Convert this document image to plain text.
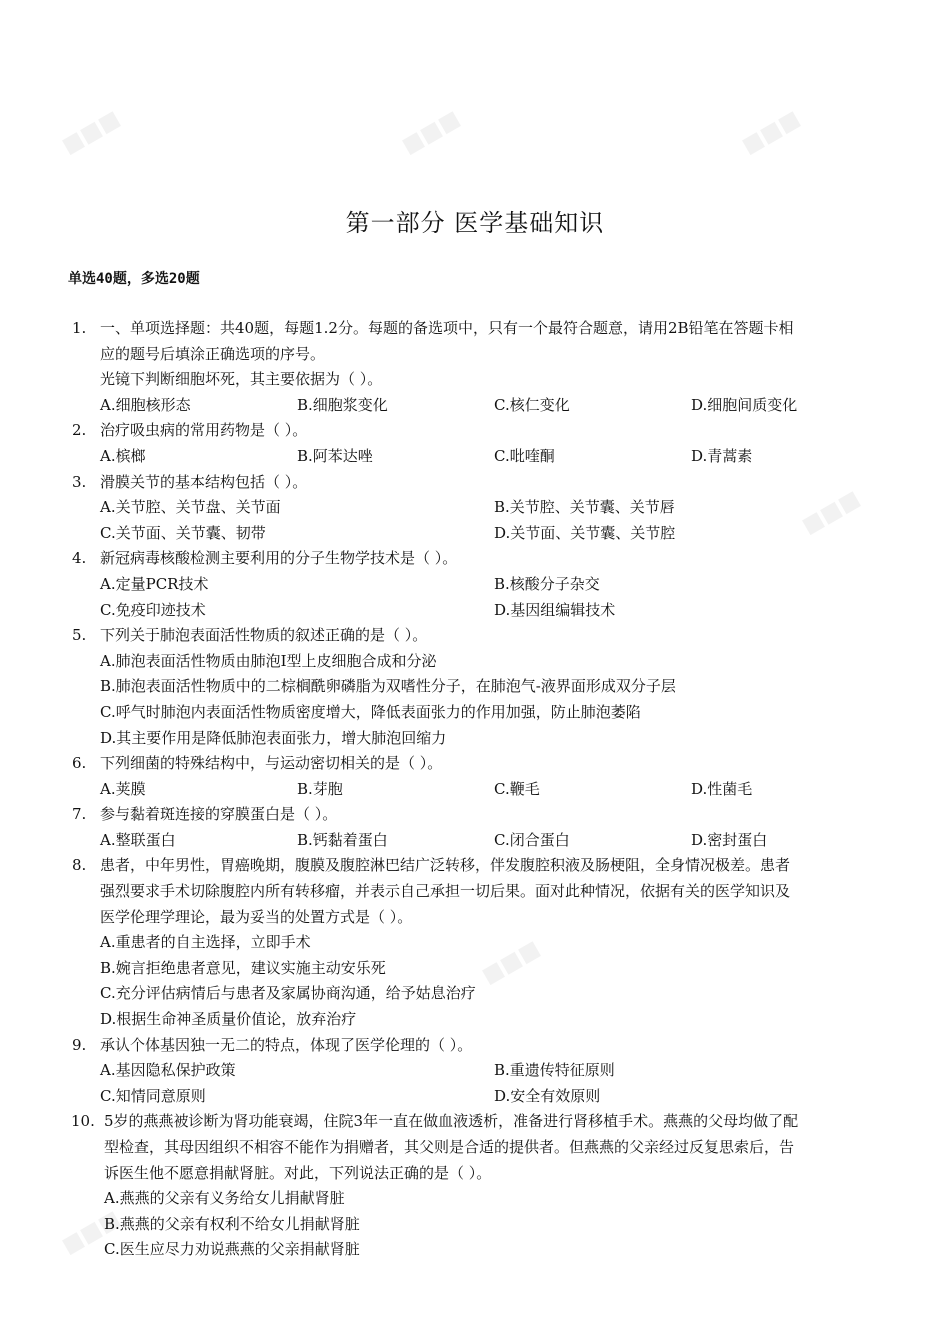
■■■	■■■	■■■
■■■
■■■
■■■
第一部分 医学基础知识
单选40题，多选20题
1. 一、单项选择题：共40题，每题1.2分。每题的备选项中，只有一个最符合题意，请用2B铅笔在答题卡相
应的题号后填涂正确选项的序号。
光镜下判断细胞坏死，其主要依据为（ ）。
A.细胞核形态	B.细胞浆变化	C.核仁变化	D.细胞间质变化
2. 治疗吸虫病的常用药物是（ ）。
A.槟榔	B.阿苯达唑	C.吡喹酮	D.青蒿素
3. 滑膜关节的基本结构包括（ ）。
A.关节腔、关节盘、关节面	B.关节腔、关节囊、关节唇
C.关节面、关节囊、韧带	D.关节面、关节囊、关节腔
4. 新冠病毒核酸检测主要利用的分子生物学技术是（ ）。
A.定量PCR技术	B.核酸分子杂交
C.免疫印迹技术	D.基因组编辑技术
5. 下列关于肺泡表面活性物质的叙述正确的是（ ）。
A.肺泡表面活性物质由肺泡Ⅰ型上皮细胞合成和分泌
B.肺泡表面活性物质中的二棕榈酰卵磷脂为双嗜性分子，在肺泡气-液界面形成双分子层
C.呼气时肺泡内表面活性物质密度增大，降低表面张力的作用加强，防止肺泡萎陷
D.其主要作用是降低肺泡表面张力，增大肺泡回缩力
6. 下列细菌的特殊结构中，与运动密切相关的是（ ）。
A.荚膜	B.芽胞	C.鞭毛	D.性菌毛
7. 参与黏着斑连接的穿膜蛋白是（ ）。
A.整联蛋白	B.钙黏着蛋白	C.闭合蛋白	D.密封蛋白
8. 患者，中年男性，胃癌晚期，腹膜及腹腔淋巴结广泛转移，伴发腹腔积液及肠梗阻，全身情况极差。患者
强烈要求手术切除腹腔内所有转移瘤，并表示自己承担一切后果。面对此种情况，依据有关的医学知识及
医学伦理学理论，最为妥当的处置方式是（ ）。
A.重患者的自主选择，立即手术
B.婉言拒绝患者意见，建议实施主动安乐死
C.充分评估病情后与患者及家属协商沟通，给予姑息治疗
D.根据生命神圣质量价值论，放弃治疗
9. 承认个体基因独一无二的特点，体现了医学伦理的（ ）。
A.基因隐私保护政策	B.重遗传特征原则
C.知情同意原则	D.安全有效原则
10. 5岁的燕燕被诊断为肾功能衰竭，住院3年一直在做血液透析，准备进行肾移植手术。燕燕的父母均做了配
型检查，其母因组织不相容不能作为捐赠者，其父则是合适的提供者。但燕燕的父亲经过反复思索后，告
诉医生他不愿意捐献肾脏。对此，下列说法正确的是（ ）。
A.燕燕的父亲有义务给女儿捐献肾脏
B.燕燕的父亲有权利不给女儿捐献肾脏
C.医生应尽力劝说燕燕的父亲捐献肾脏
